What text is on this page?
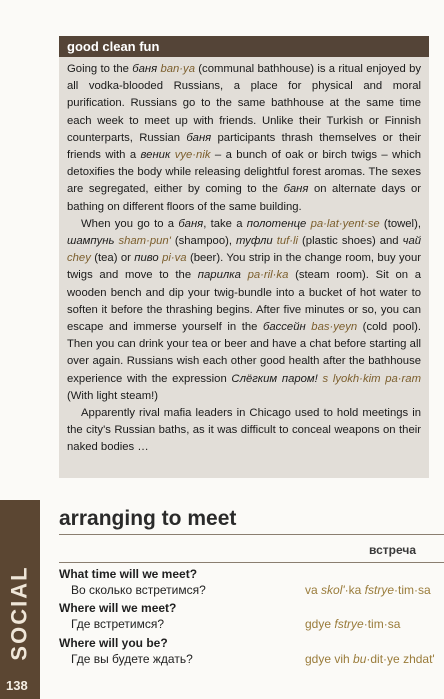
SOCIAL
138
good clean fun

Going to the баня ban·ya (communal bathhouse) is a ritual enjoyed by all vodka-blooded Russians, a place for physical and moral purification. Russians go to the same bathhouse at the same time each week to meet up with friends. Unlike their Turkish or Finnish counterparts, Russian баня participants thrash themselves or their friends with a веник vye·nik – a bunch of oak or birch twigs – which detoxifies the body while releasing delightful forest aromas. The sexes are segregated, either by coming to the баня on alternate days or bathing on different floors of the same building.

When you go to a баня, take a полотенце pa·lat·yent·se (towel), шампунь sham·pun' (shampoo), туфли tuf·li (plastic shoes) and чай chey (tea) or пиво pi·va (beer). You strip in the change room, buy your twigs and move to the парилка pa·ril·ka (steam room). Sit on a wooden bench and dip your twig-bundle into a bucket of hot water to soften it before the thrashing begins. After five minutes or so, you can escape and immerse yourself in the бассейн bas·yeyn (cold pool). Then you can drink your tea or beer and have a chat before starting all over again. Russians wish each other good health after the bathhouse experience with the expression Слёгким паром! s lyokh·kim pa·ram (With light steam!)

Apparently rival mafia leaders in Chicago used to hold meetings in the city's Russian baths, as it was difficult to conceal weapons on their naked bodies …

arranging to meet
встреча
What time will we meet?
Во сколько встретимся?	va skol'·ka fstrye·tim·sa
Where will we meet?
Где встретимся?	gdye fstrye·tim·sa
Where will you be?
Где вы будете ждать?	gdye vih bu·dit·ye zhdat'
